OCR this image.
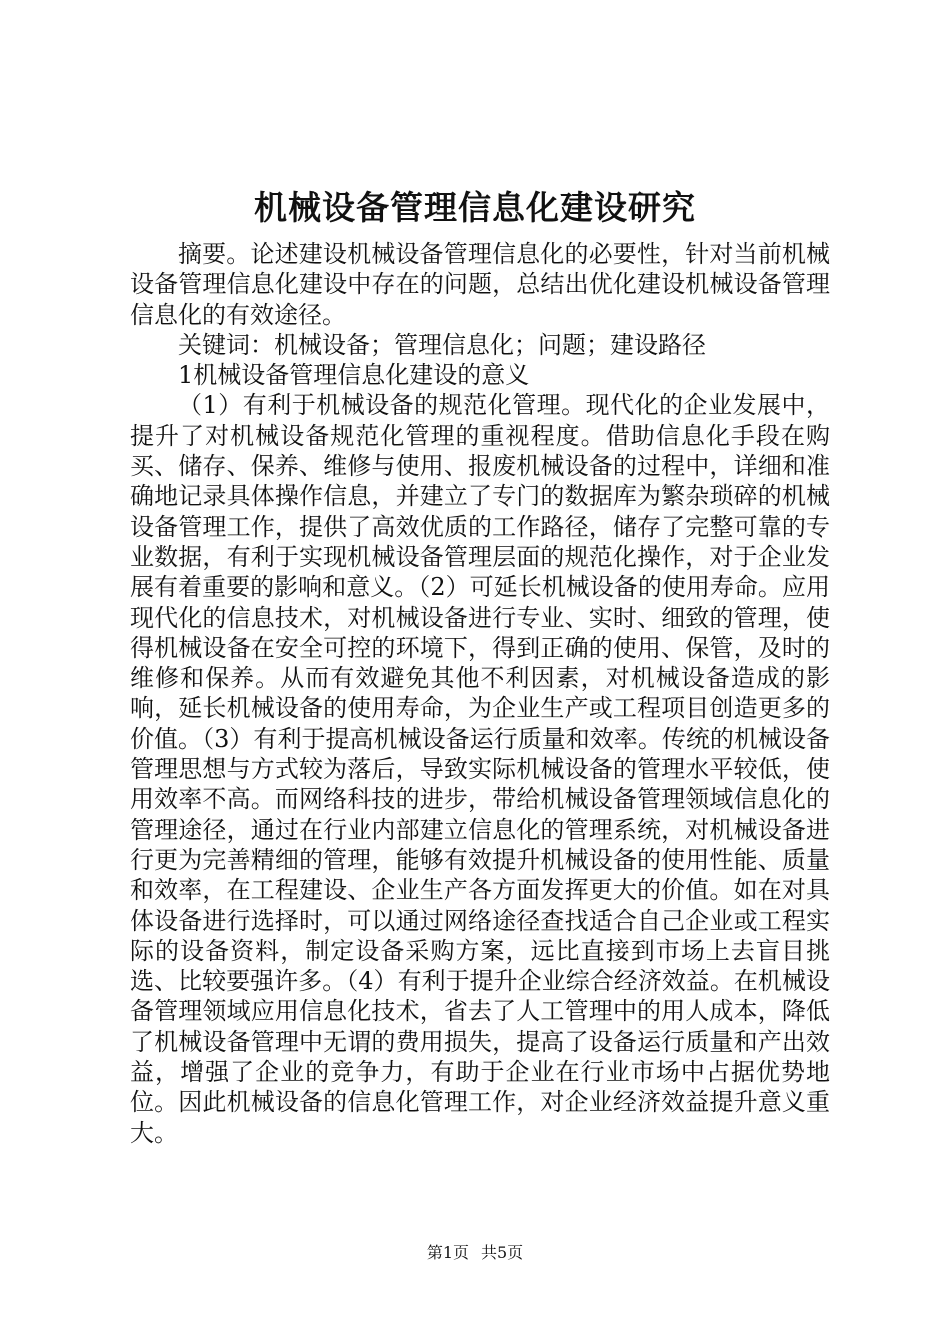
机械设备管理信息化建设研究

摘要。论述建设机械设备管理信息化的必要性，针对当前机械设备管理信息化建设中存在的问题，总结出优化建设机械设备管理信息化的有效途径。

关键词：机械设备；管理信息化；问题；建设路径

1机械设备管理信息化建设的意义

（1）有利于机械设备的规范化管理。现代化的企业发展中，提升了对机械设备规范化管理的重视程度。借助信息化手段在购买、储存、保养、维修与使用、报废机械设备的过程中，详细和准确地记录具体操作信息，并建立了专门的数据库为繁杂琐碎的机械设备管理工作，提供了高效优质的工作路径，储存了完整可靠的专业数据，有利于实现机械设备管理层面的规范化操作，对于企业发展有着重要的影响和意义。（2）可延长机械设备的使用寿命。应用现代化的信息技术，对机械设备进行专业、实时、细致的管理，使得机械设备在安全可控的环境下，得到正确的使用、保管，及时的维修和保养。从而有效避免其他不利因素，对机械设备造成的影响，延长机械设备的使用寿命，为企业生产或工程项目创造更多的价值。（3）有利于提高机械设备运行质量和效率。传统的机械设备管理思想与方式较为落后，导致实际机械设备的管理水平较低，使用效率不高。而网络科技的进步，带给机械设备管理领域信息化的管理途径，通过在行业内部建立信息化的管理系统，对机械设备进行更为完善精细的管理，能够有效提升机械设备的使用性能、质量和效率，在工程建设、企业生产各方面发挥更大的价值。如在对具体设备进行选择时，可以通过网络途径查找适合自己企业或工程实际的设备资料，制定设备采购方案，远比直接到市场上去盲目挑选、比较要强许多。（4）有利于提升企业综合经济效益。在机械设备管理领域应用信息化技术，省去了人工管理中的用人成本，降低了机械设备管理中无谓的费用损失，提高了设备运行质量和产出效益，增强了企业的竞争力，有助于企业在行业市场中占据优势地位。因此机械设备的信息化管理工作，对企业经济效益提升意义重大。

第1页 共5页
